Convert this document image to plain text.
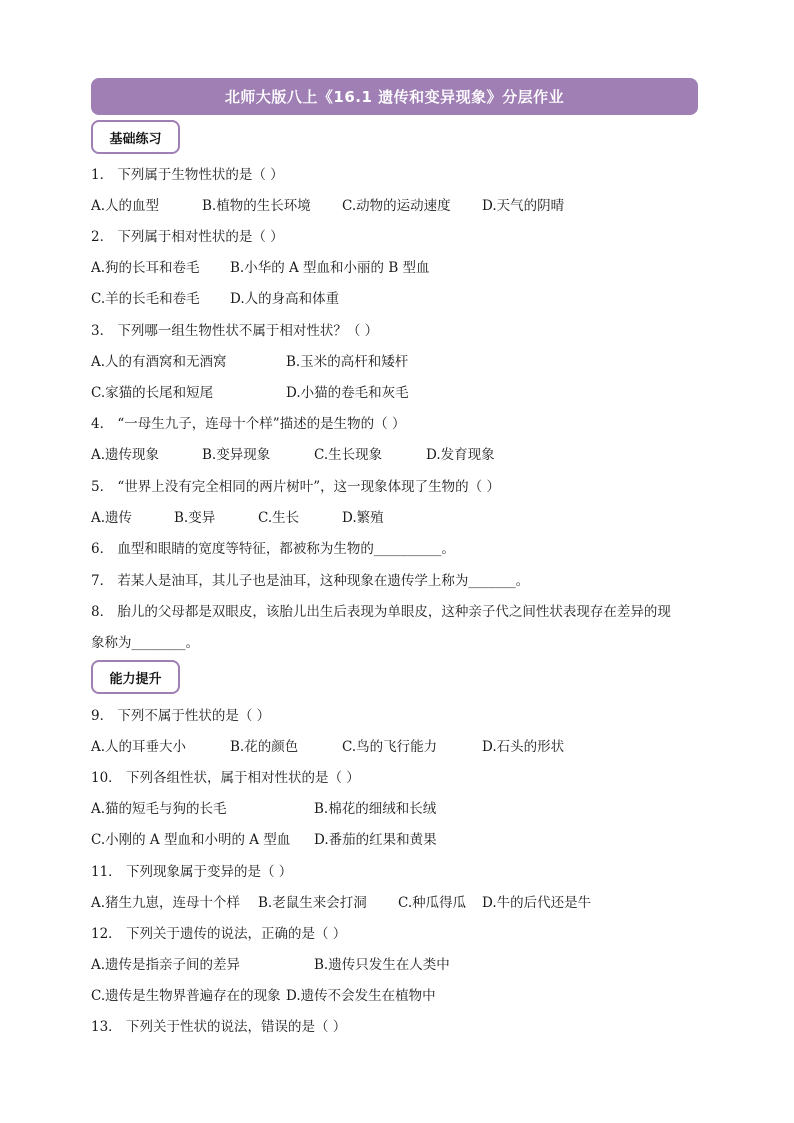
北师大版八上《16.1 遗传和变异现象》分层作业
基础练习
1． 下列属于生物性状的是（ ）
A.人的血型	B.植物的生长环境 C.动物的运动速度 D.天气的阴晴
2． 下列属于相对性状的是（ ）
A.狗的长耳和卷毛 B.小华的 A 型血和小丽的 B 型血
C.羊的长毛和卷毛 D.人的身高和体重
3． 下列哪一组生物性状不属于相对性状？（ ）
A.人的有酒窝和无酒窝	B.玉米的高杆和矮杆
C.家猫的长尾和短尾	D.小猫的卷毛和灰毛
4． “一母生九子，连母十个样”描述的是生物的（ ）
A.遗传现象	B.变异现象	C.生长现象	D.发育现象
5． “世界上没有完全相同的两片树叶”，这一现象体现了生物的（ ）
A.遗传	B.变异	C.生长	D.繁殖
6． 血型和眼睛的宽度等特征，都被称为生物的__________。
7． 若某人是油耳，其儿子也是油耳，这种现象在遗传学上称为_______。
8． 胎儿的父母都是双眼皮，该胎儿出生后表现为单眼皮，这种亲子代之间性状表现存在差异的现
象称为________。
能力提升
9． 下列不属于性状的是（ ）
A.人的耳垂大小	B.花的颜色	C.鸟的飞行能力	D.石头的形状
10． 下列各组性状，属于相对性状的是（ ）
A.猫的短毛与狗的长毛	B.棉花的细绒和长绒
C.小刚的 A 型血和小明的 A 型血 D.番茄的红果和黄果
11． 下列现象属于变异的是（ ）
A.猪生九崽，连母十个样 B.老鼠生来会打洞 C.种瓜得瓜 D.牛的后代还是牛
12． 下列关于遗传的说法，正确的是（ ）
A.遗传是指亲子间的差异	B.遗传只发生在人类中
C.遗传是生物界普遍存在的现象 D.遗传不会发生在植物中
13． 下列关于性状的说法，错误的是（ ）
